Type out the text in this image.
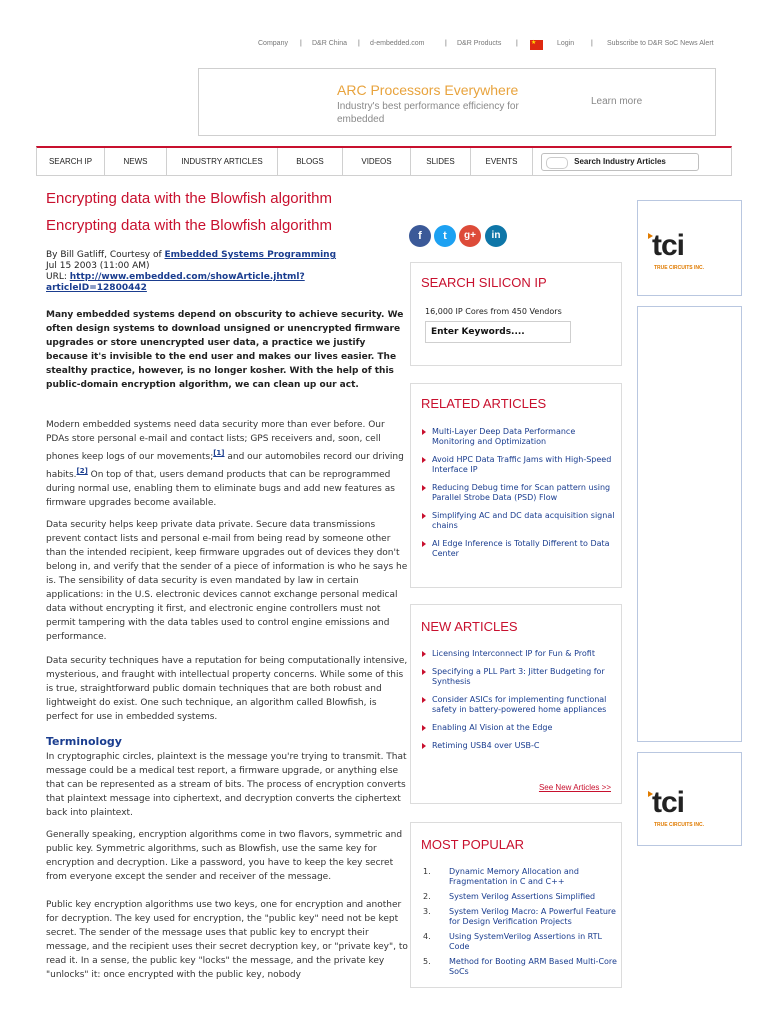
Company | D&R China | d-embedded.com	| D&R Products |	Login | Subscribe to D&R SoC News Alert
★
ARC Processors Everywhere
Industry's best performance efficiency for embedded
Learn more
SEARCH IP	NEWS	INDUSTRY ARTICLES	BLOGS	VIDEOS	SLIDES	EVENTS	Search Industry Articles
Encrypting data with the Blowfish algorithm
Encrypting data with the Blowfish algorithm
f	t	g+	in
By Bill Gatliff, Courtesy of Embedded Systems Programming
Jul 15 2003 (11:00 AM)
URL: http://www.embedded.com/showArticle.jhtml?
articleID=12800442
Many embedded systems depend on obscurity to achieve security. We often design systems to download unsigned or unencrypted firmware upgrades or store unencrypted user data, a practice we justify because it's invisible to the end user and makes our lives easier. The stealthy practice, however, is no longer kosher. With the help of this public-domain encryption algorithm, we can clean up our act.
Modern embedded systems need data security more than ever before. Our PDAs store personal e-mail and contact lists; GPS receivers and, soon, cell phones keep logs of our movements;[1] and our automobiles record our driving habits.[2] On top of that, users demand products that can be reprogrammed during normal use, enabling them to eliminate bugs and add new features as firmware upgrades become available.
Data security helps keep private data private. Secure data transmissions prevent contact lists and personal e-mail from being read by someone other than the intended recipient, keep firmware upgrades out of devices they don't belong in, and verify that the sender of a piece of information is who he says he is. The sensibility of data security is even mandated by law in certain applications: in the U.S. electronic devices cannot exchange personal medical data without encrypting it first, and electronic engine controllers must not permit tampering with the data tables used to control engine emissions and performance.
Data security techniques have a reputation for being computationally intensive, mysterious, and fraught with intellectual property concerns. While some of this is true, straightforward public domain techniques that are both robust and lightweight do exist. One such technique, an algorithm called Blowfish, is perfect for use in embedded systems.
Terminology
In cryptographic circles, plaintext is the message you're trying to transmit. That message could be a medical test report, a firmware upgrade, or anything else that can be represented as a stream of bits. The process of encryption converts that plaintext message into ciphertext, and decryption converts the ciphertext back into plaintext.
Generally speaking, encryption algorithms come in two flavors, symmetric and public key. Symmetric algorithms, such as Blowfish, use the same key for encryption and decryption. Like a password, you have to keep the key secret from everyone except the sender and receiver of the message.
Public key encryption algorithms use two keys, one for encryption and another for decryption. The key used for encryption, the "public key" need not be kept secret. The sender of the message uses that public key to encrypt their message, and the recipient uses their secret decryption key, or "private key", to read it. In a sense, the public key "locks" the message, and the private key "unlocks" it: once encrypted with the public key, nobody
SEARCH SILICON IP
16,000 IP Cores from 450 Vendors
Enter Keywords....
RELATED ARTICLES
Multi-Layer Deep Data Performance Monitoring and Optimization
Avoid HPC Data Traffic Jams with High-Speed Interface IP
Reducing Debug time for Scan pattern using Parallel Strobe Data (PSD) Flow
Simplifying AC and DC data acquisition signal chains
AI Edge Inference is Totally Different to Data Center
NEW ARTICLES
Licensing Interconnect IP for Fun & Profit
Specifying a PLL Part 3: Jitter Budgeting for Synthesis
Consider ASICs for implementing functional safety in battery-powered home appliances
Enabling AI Vision at the Edge
Retiming USB4 over USB-C
See New Articles >>
MOST POPULAR
1. Dynamic Memory Allocation and Fragmentation in C and C++
2. System Verilog Assertions Simplified
3. System Verilog Macro: A Powerful Feature for Design Verification Projects
4. Using SystemVerilog Assertions in RTL Code
5. Method for Booting ARM Based Multi-Core SoCs
tci
TRUE CIRCUITS INC.
tci
TRUE CIRCUITS INC.
